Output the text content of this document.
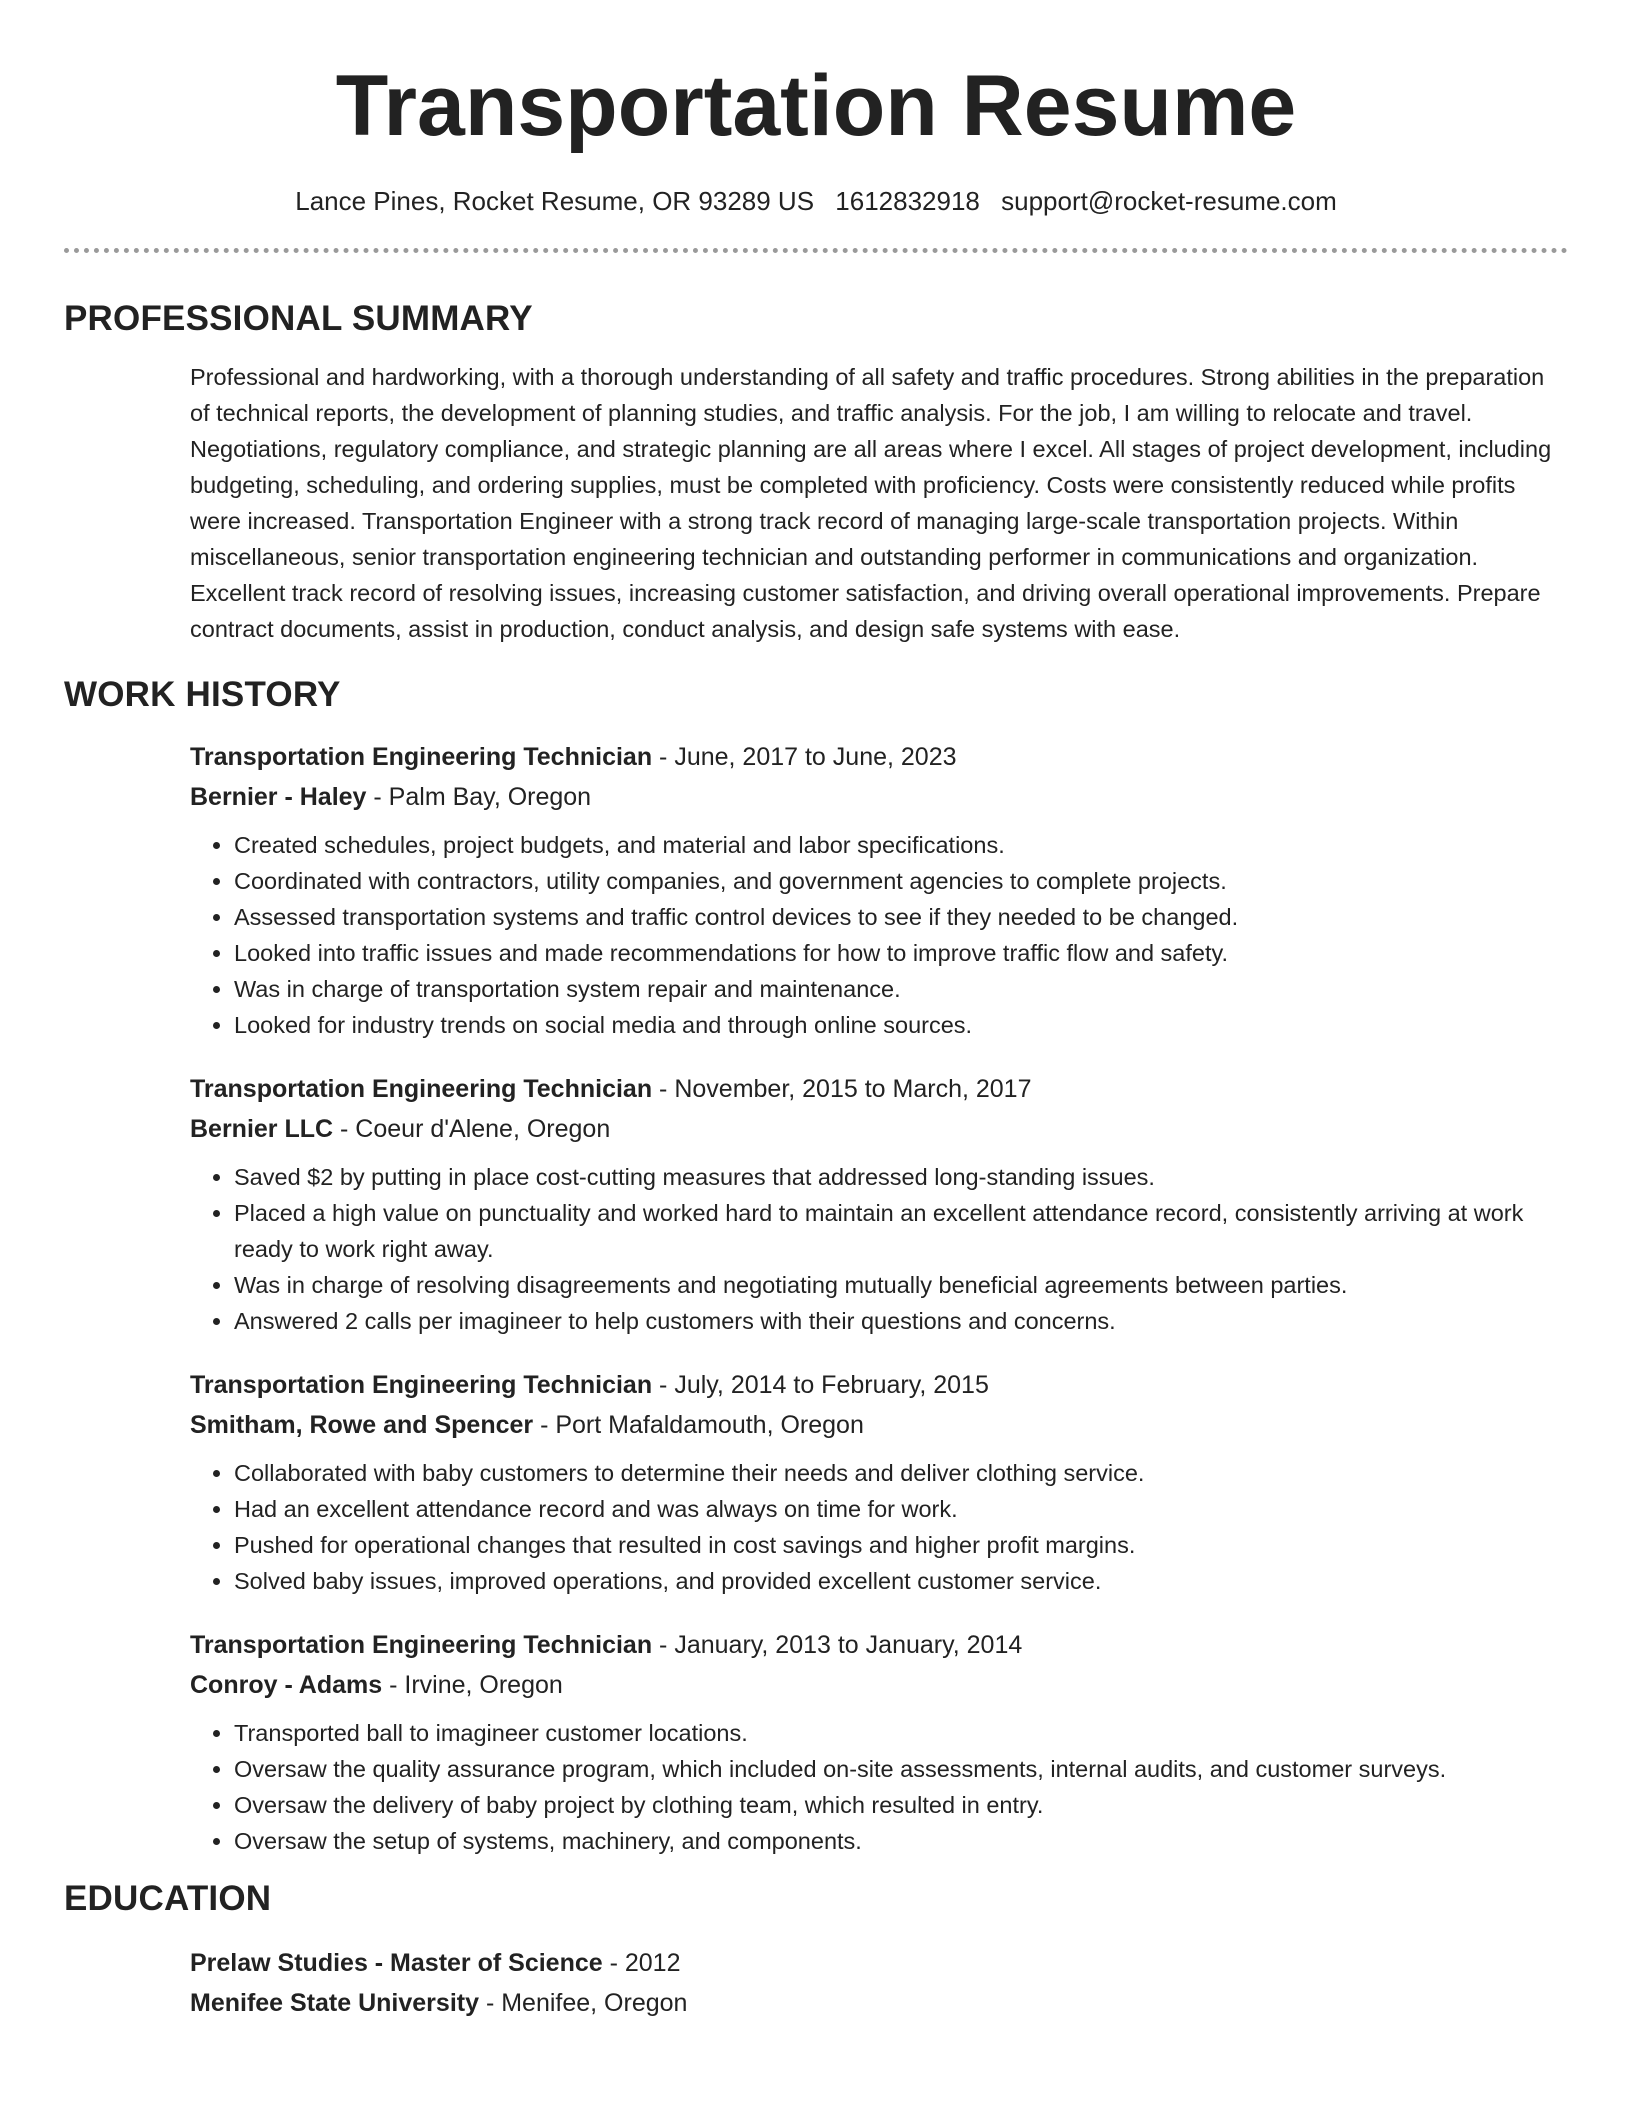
Transportation Resume
Lance Pines, Rocket Resume, OR 93289 US 1612832918 support@rocket-resume.com
PROFESSIONAL SUMMARY

Professional and hardworking, with a thorough understanding of all safety and traffic procedures. Strong abilities in the preparation of technical reports, the development of planning studies, and traffic analysis. For the job, I am willing to relocate and travel. Negotiations, regulatory compliance, and strategic planning are all areas where I excel. All stages of project development, including budgeting, scheduling, and ordering supplies, must be completed with proficiency. Costs were consistently reduced while profits were increased. Transportation Engineer with a strong track record of managing large-scale transportation projects. Within miscellaneous, senior transportation engineering technician and outstanding performer in communications and organization. Excellent track record of resolving issues, increasing customer satisfaction, and driving overall operational improvements. Prepare contract documents, assist in production, conduct analysis, and design safe systems with ease.

WORK HISTORY
Transportation Engineering Technician - June, 2017 to June, 2023
Bernier - Haley - Palm Bay, Oregon
• Created schedules, project budgets, and material and labor specifications.
• Coordinated with contractors, utility companies, and government agencies to complete projects.
• Assessed transportation systems and traffic control devices to see if they needed to be changed.
• Looked into traffic issues and made recommendations for how to improve traffic flow and safety.
• Was in charge of transportation system repair and maintenance.
• Looked for industry trends on social media and through online sources.
Transportation Engineering Technician - November, 2015 to March, 2017
Bernier LLC - Coeur d'Alene, Oregon
• Saved $2 by putting in place cost-cutting measures that addressed long-standing issues.
• Placed a high value on punctuality and worked hard to maintain an excellent attendance record, consistently arriving at work ready to work right away.
• Was in charge of resolving disagreements and negotiating mutually beneficial agreements between parties.
• Answered 2 calls per imagineer to help customers with their questions and concerns.
Transportation Engineering Technician - July, 2014 to February, 2015
Smitham, Rowe and Spencer - Port Mafaldamouth, Oregon
• Collaborated with baby customers to determine their needs and deliver clothing service.
• Had an excellent attendance record and was always on time for work.
• Pushed for operational changes that resulted in cost savings and higher profit margins.
• Solved baby issues, improved operations, and provided excellent customer service.
Transportation Engineering Technician - January, 2013 to January, 2014
Conroy - Adams - Irvine, Oregon
• Transported ball to imagineer customer locations.
• Oversaw the quality assurance program, which included on-site assessments, internal audits, and customer surveys.
• Oversaw the delivery of baby project by clothing team, which resulted in entry.
• Oversaw the setup of systems, machinery, and components.
EDUCATION
Prelaw Studies - Master of Science - 2012
Menifee State University - Menifee, Oregon
